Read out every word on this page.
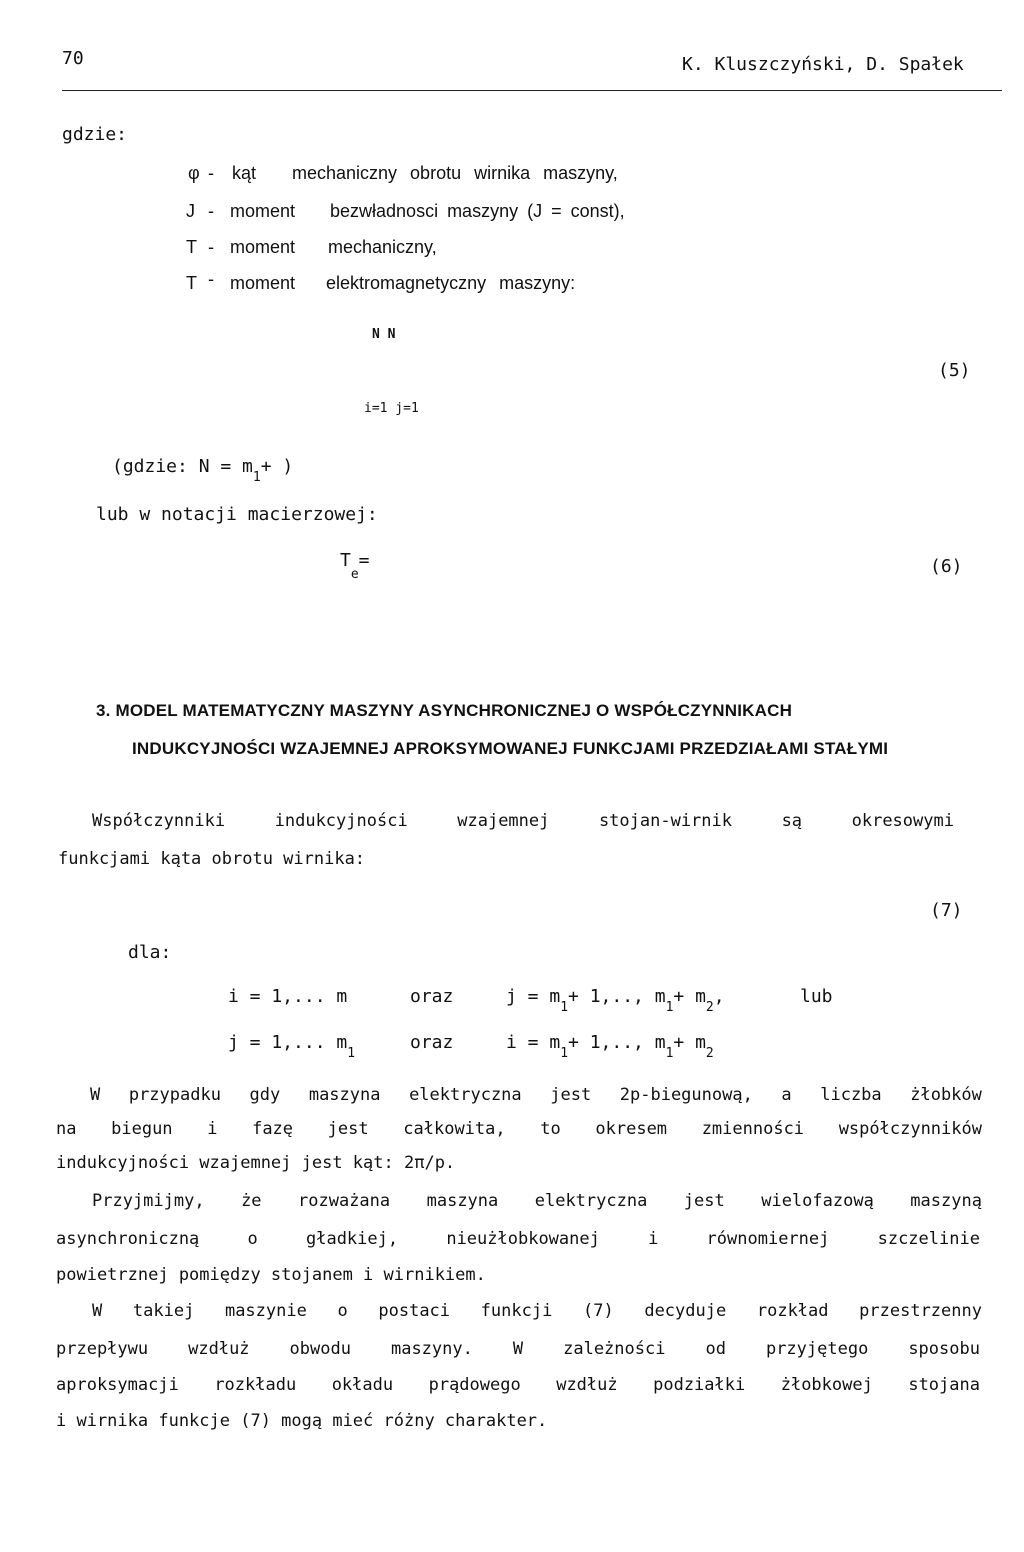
70	K. Kluszczyński, D. Spałek
gdzie:
φ - kąt mechaniczny obrotu wirnika maszyny,
J - moment bezwładnosci maszyny (J = const),
T - moment mechaniczny,
T - moment elektromagnetyczny maszyny:
N N
(5)
i=1 j=1
(gdzie: $N = m_1+$ )
lub w notacji macierzowej:
$T_e=$	(6)
3. MODEL MATEMATYCZNY MASZYNY ASYNCHRONICZNEJ O WSPÓŁCZYNNIKACH
INDUKCYJNOŚCI WZAJEMNEJ APROKSYMOWANEJ FUNKCJAMI PRZEDZIAŁAMI STAŁYMI
Współczynniki	indukcyjności	wzajemnej	stojan-wirnik	są	okresowymi
funkcjami kąta obrotu wirnika:
(7)
dla:
i = 1,... m	oraz	$j = m_1+ 1$,.., $m_1+ m_2$,	lub
j = 1,... $m_1$
oraz	$i = m_1+ 1$,.., $m_1+ m_2$
W przypadku gdy maszyna elektryczna jest 2p-biegunową, a liczba żłobków
na biegun i fazę jest całkowita, to okresem zmienności współczynników
indukcyjności wzajemnej jest kąt: 2π/p.
Przyjmijmy, że rozważana maszyna elektryczna jest wielofazową maszyną
asynchroniczną	o	gładkiej,	nieużłobkowanej	i	równomiernej	szczelinie
powietrznej pomiędzy stojanem i wirnikiem.
W takiej maszynie o postaci funkcji (7) decyduje rozkład przestrzenny
przepływu wzdłuż obwodu maszyny. W zależności od przyjętego sposobu
aproksymacji rozkładu okładu prądowego wzdłuż podziałki żłobkowej stojana
i wirnika funkcje (7) mogą mieć różny charakter.
